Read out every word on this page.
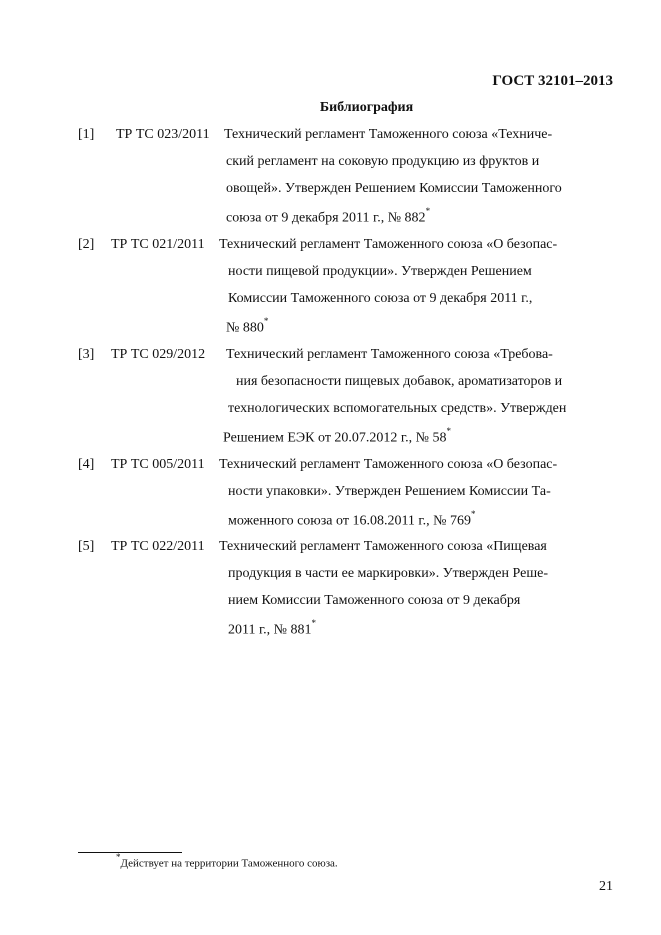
ГОСТ 32101–2013
Библиография
[1] ТР ТС 023/2011 Технический регламент Таможенного союза «Техниче-
ский регламент на соковую продукцию из фруктов и
овощей». Утвержден Решением Комиссии Таможенного
союза от 9 декабря 2011 г., № 882*
[2] ТР ТС 021/2011 Технический регламент Таможенного союза «О безопас-
ности пищевой продукции». Утвержден Решением
Комиссии Таможенного союза от 9 декабря 2011 г.,
№ 880*
[3] ТР ТС 029/2012 Технический регламент Таможенного союза «Требова-
ния безопасности пищевых добавок, ароматизаторов и
технологических вспомогательных средств». Утвержден
Решением ЕЭК от 20.07.2012 г., № 58*
[4] ТР ТС 005/2011 Технический регламент Таможенного союза «О безопас-
ности упаковки». Утвержден Решением Комиссии Та-
моженного союза от 16.08.2011 г., № 769*
[5] ТР ТС 022/2011 Технический регламент Таможенного союза «Пищевая
продукция в части ее маркировки». Утвержден Реше-
нием Комиссии Таможенного союза от 9 декабря
2011 г., № 881*
*Действует на территории Таможенного союза.
21
